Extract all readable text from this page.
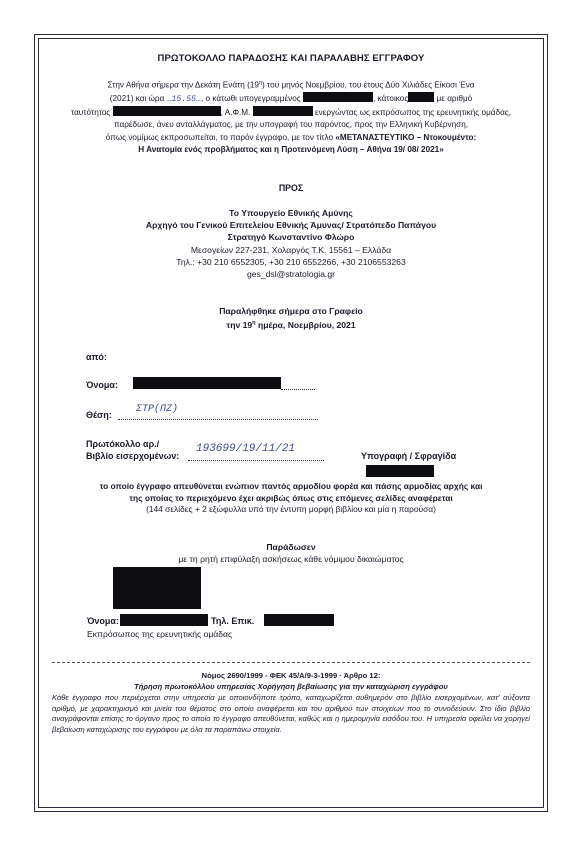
ΠΡΩΤΟΚΟΛΛΟ ΠΑΡΑΔΟΣΗΣ ΚΑΙ ΠΑΡΑΛΑΒΗΣ ΕΓΓΡΑΦΟΥ
Στην Αθήνα σήμερα την Δεκάτη Ενάτη $(19^\eta)$ του μηνός Νοεμβρίου, του έτους Δύο Χιλιάδες Είκοσι Ένα
(2021) και ώρα …15.55…, ο κάτωθι υπογεγραμμένος	, κάτοικος	με αριθμό
ταυτότητος	, Α.Φ.Μ.	ενεργώντας ως εκπρόσωπος της ερευνητικής ομάδας,
παρέδωσε, άνευ ανταλλάγματος, με την υπογραφή του παρόντος, προς την Ελληνική Κυβέρνηση,
όπως νομίμως εκπροσωπείται, το παρόν έγγραφο, με τον τίτλο «ΜΕΤΑΝΑΣΤΕΥΤΙΚΟ – Ντοκουμέντο:
Η Ανατομία ενός προβλήματος και η Προτεινόμενη Λύση – Αθήνα 19/ 08/ 2021»
ΠΡΟΣ
Το Υπουργείο Εθνικής Αμύνης
Αρχηγό του Γενικού Επιτελείου Εθνικής Άμυνας/ Στρατόπεδο Παπάγου
Στρατηγό Κωνσταντίνο Φλώρο
Μεσογείων 227-231, Χολαργός Τ.Κ. 15561 – Ελλάδα
Τηλ.: +30 210 6552305, +30 210 6552266, +30 2106553263
ges_dsl@stratologia.gr
Παραλήφθηκε σήμερα στο Γραφείο
την $19^\eta$ ημέρα, Νοεμβρίου, 2021
από:
Όνομα:
Θέση: ΣΤΡ(ΠΖ)
Πρωτόκολλο αρ./
Βιβλίο εισερχομένων:
193699/19/11/21
Υπογραφή / Σφραγίδα
το οποίο έγγραφο απευθύνεται ενώπιον παντός αρμοδίου φορέα και πάσης αρμοδίας αρχής και
της οποίας το περιεχόμενο έχει ακριβώς όπως στις επόμενες σελίδες αναφέρεται
(144 σελίδες + 2 εξώφυλλα υπό την έντυπη μορφή βιβλίου και μία η παρούσα)
Παράδωσεν
με τη ρητή επιφύλαξη ασκήσεως κάθε νόμιμου δικαιώματος
Όνομα:	Τηλ. Επικ.
Εκπρόσωπος της ερευνητικής ομάδας
Νόμος 2690/1999 - ΦΕΚ 45/Α/9-3-1999 · Άρθρο 12:
Τήρηση πρωτοκόλλου υπηρεσίας Χορήγηση βεβαίωσης για την καταχώριση εγγράφου
Κάθε έγγραφο που περιέρχεται στην υπηρεσία με οποιονδήποτε τρόπο, καταχωρίζεται αυθημερόν στο βιβλίο εισερχομένων, κατ' αύξοντα αριθμό, με χαρακτηρισμό και μνεία του θέματος στο οποίο αναφέρεται και του αριθμού των στοιχείων που το συνοδεύουν. Στο ίδιο βιβλίο αναγράφονται επίσης το όργανο προς το οποίο το έγγραφο απευθύνεται, καθώς και η ημερομηνία εισόδου του. Η υπηρεσία οφείλει να χορηγεί βεβαίωση καταχώρισης του εγγράφου με όλα τα παραπάνω στοιχεία.
